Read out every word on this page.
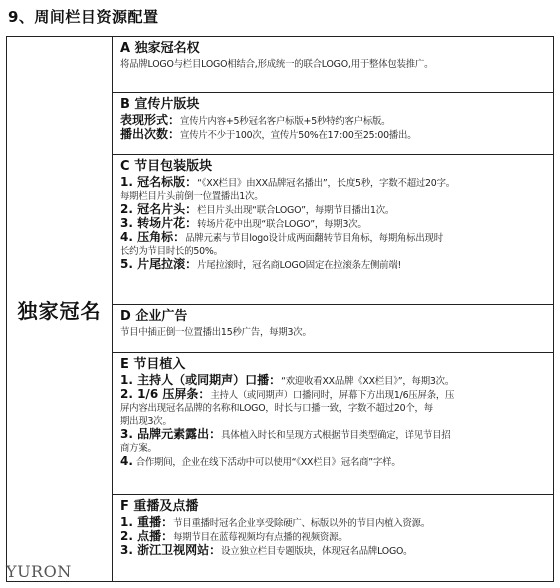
9、周间栏目资源配置
独家冠名
A 独家冠名权
将品牌LOGO与栏目LOGO相结合,形成统一的联合LOGO,用于整体包装推广。
B 宣传片版块
表现形式：宣传片内容+5秒冠名客户标版+5秒特约客户标版。
播出次数：宣传片不少于100次，宣传片50%在17:00至25:00播出。
C 节目包装版块
1. 冠名标版：“《XX栏目》由XX品牌冠名播出”，长度5秒，字数不超过20字。
每期栏目片头前倒一位置播出1次。
2. 冠名片头：栏目片头出现“联合LOGO”，每期节目播出1次。
3. 转场片花：转场片花中出现“联合LOGO”，每期3次。
4. 压角标：品牌元素与节目logo设计成两面翻转节目角标，每期角标出现时
长约为节目时长的50%。
5. 片尾拉滚：片尾拉滚时，冠名商LOGO固定在拉滚条左侧前端!
D 企业广告
节目中插正倒一位置播出15秒广告，每期3次。
E 节目植入
1. 主持人（或同期声）口播：“欢迎收看XX品牌《XX栏目》”，每期3次。
2. 1/6 压屏条：主持人（或同期声）口播同时，屏幕下方出现1/6压屏条，压
屏内容出现冠名品牌的名称和LOGO，时长与口播一致，字数不超过20个，每
期出现3次。
3. 品牌元素露出：具体植入时长和呈现方式根据节目类型确定，详见节目招
商方案。
4. 合作期间，企业在线下活动中可以使用“《XX栏目》冠名商”字样。
F 重播及点播
1. 重播：节目重播时冠名企业享受除硬广、标版以外的节目内植入资源。
2. 点播：每期节目在蓝莓视频均有点播的视频资源。
3. 浙江卫视网站：设立独立栏目专题版块，体现冠名品牌LOGO。
YURON
